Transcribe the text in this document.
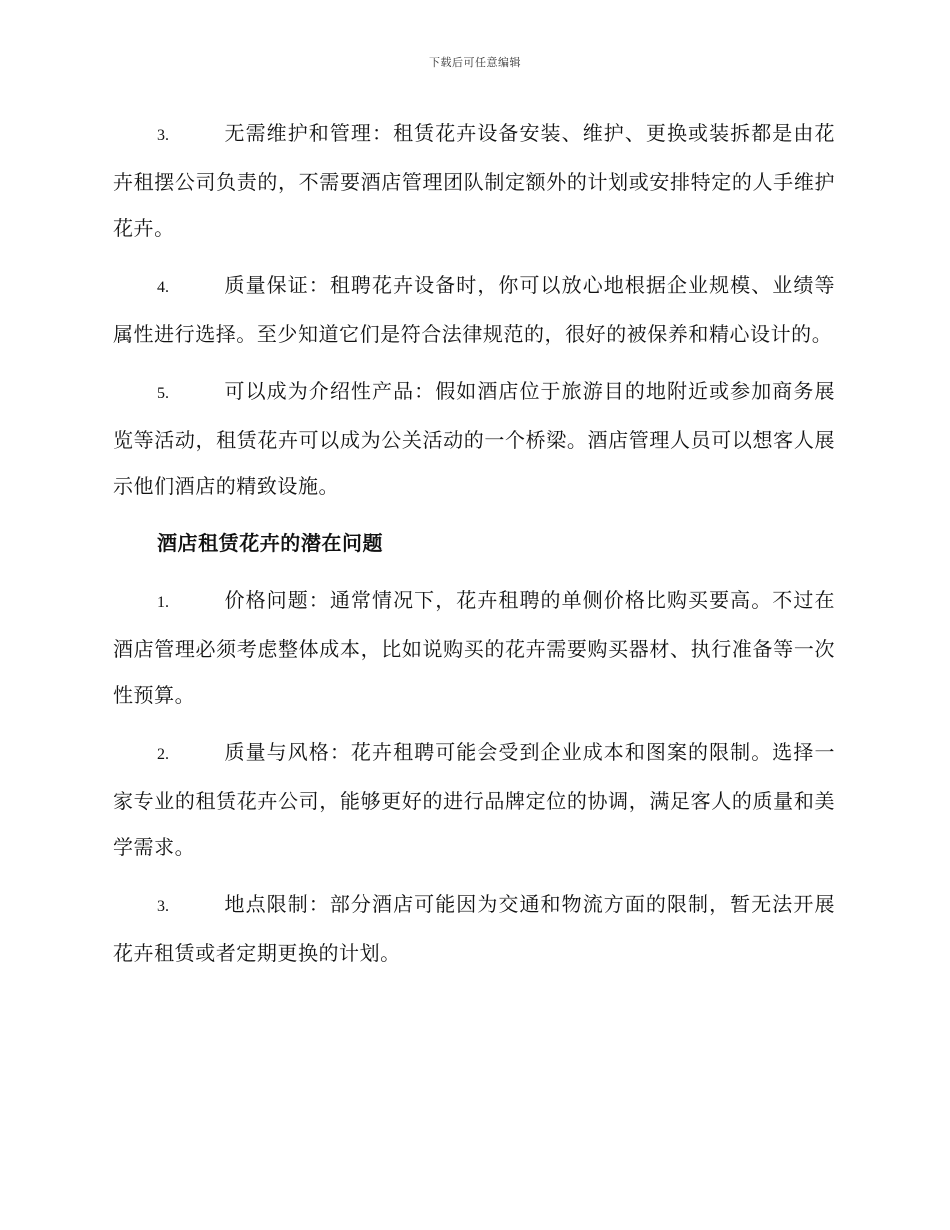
下载后可任意编辑

3.	无需维护和管理：租赁花卉设备安装、维护、更换或装拆都是由花卉租摆公司负责的，不需要酒店管理团队制定额外的计划或安排特定的人手维护花卉。

4.	质量保证：租聘花卉设备时，你可以放心地根据企业规模、业绩等属性进行选择。至少知道它们是符合法律规范的，很好的被保养和精心设计的。

5.	可以成为介绍性产品：假如酒店位于旅游目的地附近或参加商务展览等活动，租赁花卉可以成为公关活动的一个桥梁。酒店管理人员可以想客人展示他们酒店的精致设施。

酒店租赁花卉的潜在问题

1.	价格问题：通常情况下，花卉租聘的单侧价格比购买要高。不过在酒店管理必须考虑整体成本，比如说购买的花卉需要购买器材、执行准备等一次性预算。

2.	质量与风格：花卉租聘可能会受到企业成本和图案的限制。选择一家专业的租赁花卉公司，能够更好的进行品牌定位的协调，满足客人的质量和美学需求。

3.	地点限制：部分酒店可能因为交通和物流方面的限制，暂无法开展花卉租赁或者定期更换的计划。
